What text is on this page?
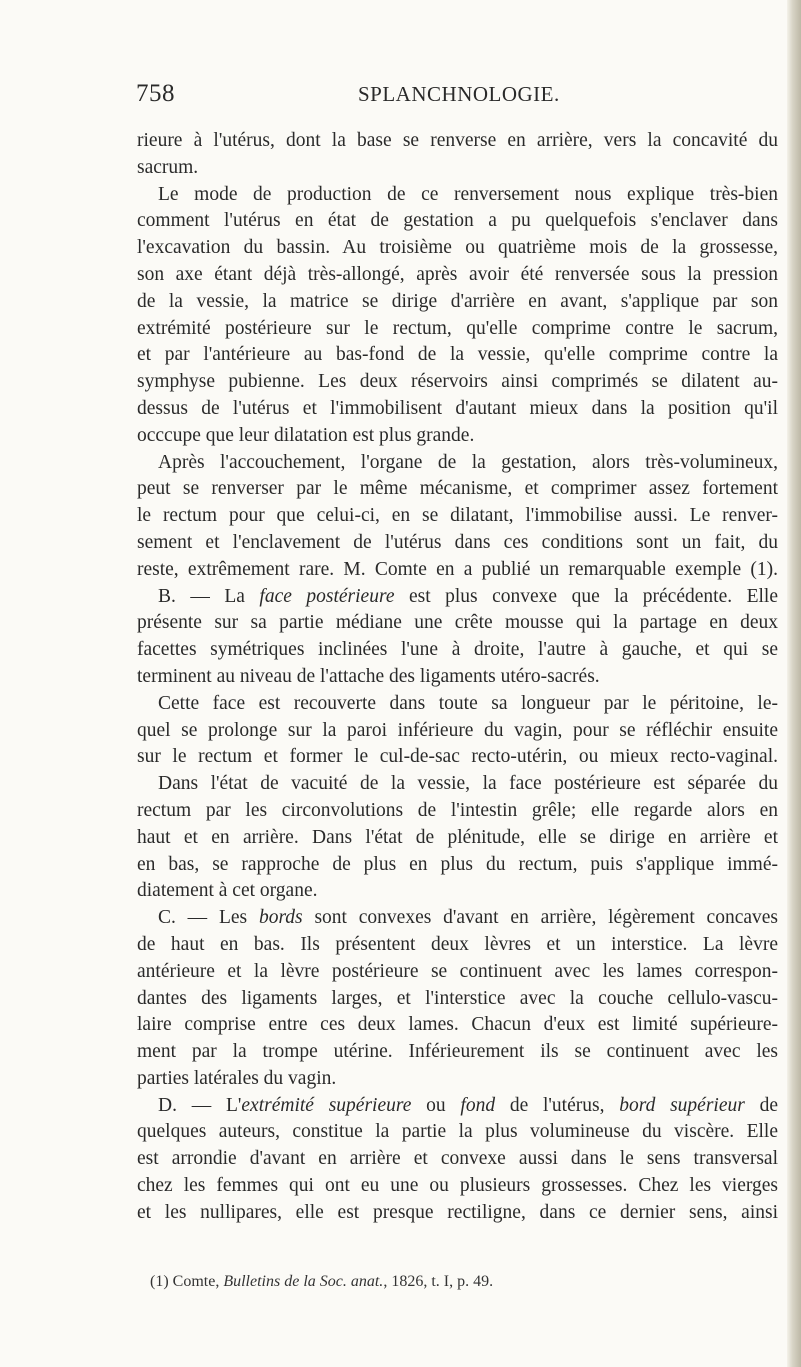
758	SPLANCHNOLOGIE.
rieure à l'utérus, dont la base se renverse en arrière, vers la concavité du
sacrum.
Le mode de production de ce renversement nous explique très-bien
comment l'utérus en état de gestation a pu quelquefois s'enclaver dans
l'excavation du bassin. Au troisième ou quatrième mois de la grossesse,
son axe étant déjà très-allongé, après avoir été renversée sous la pression
de la vessie, la matrice se dirige d'arrière en avant, s'applique par son
extrémité postérieure sur le rectum, qu'elle comprime contre le sacrum,
et par l'antérieure au bas-fond de la vessie, qu'elle comprime contre la
symphyse pubienne. Les deux réservoirs ainsi comprimés se dilatent au-
dessus de l'utérus et l'immobilisent d'autant mieux dans la position qu'il
occcupe que leur dilatation est plus grande.
Après l'accouchement, l'organe de la gestation, alors très-volumineux,
peut se renverser par le même mécanisme, et comprimer assez fortement
le rectum pour que celui-ci, en se dilatant, l'immobilise aussi. Le renver-
sement et l'enclavement de l'utérus dans ces conditions sont un fait, du
reste, extrêmement rare. M. Comte en a publié un remarquable exemple (1).
B. — La face postérieure est plus convexe que la précédente. Elle
présente sur sa partie médiane une crête mousse qui la partage en deux
facettes symétriques inclinées l'une à droite, l'autre à gauche, et qui se
terminent au niveau de l'attache des ligaments utéro-sacrés.
Cette face est recouverte dans toute sa longueur par le péritoine, le-
quel se prolonge sur la paroi inférieure du vagin, pour se réfléchir ensuite
sur le rectum et former le cul-de-sac recto-utérin, ou mieux recto-vaginal.
Dans l'état de vacuité de la vessie, la face postérieure est séparée du
rectum par les circonvolutions de l'intestin grêle; elle regarde alors en
haut et en arrière. Dans l'état de plénitude, elle se dirige en arrière et
en bas, se rapproche de plus en plus du rectum, puis s'applique immé-
diatement à cet organe.
C. — Les bords sont convexes d'avant en arrière, légèrement concaves
de haut en bas. Ils présentent deux lèvres et un interstice. La lèvre
antérieure et la lèvre postérieure se continuent avec les lames correspon-
dantes des ligaments larges, et l'interstice avec la couche cellulo-vascu-
laire comprise entre ces deux lames. Chacun d'eux est limité supérieure-
ment par la trompe utérine. Inférieurement ils se continuent avec les
parties latérales du vagin.
D. — L'extrémité supérieure ou fond de l'utérus, bord supérieur de
quelques auteurs, constitue la partie la plus volumineuse du viscère. Elle
est arrondie d'avant en arrière et convexe aussi dans le sens transversal
chez les femmes qui ont eu une ou plusieurs grossesses. Chez les vierges
et les nullipares, elle est presque rectiligne, dans ce dernier sens, ainsi
(1) Comte, Bulletins de la Soc. anat., 1826, t. I, p. 49.
